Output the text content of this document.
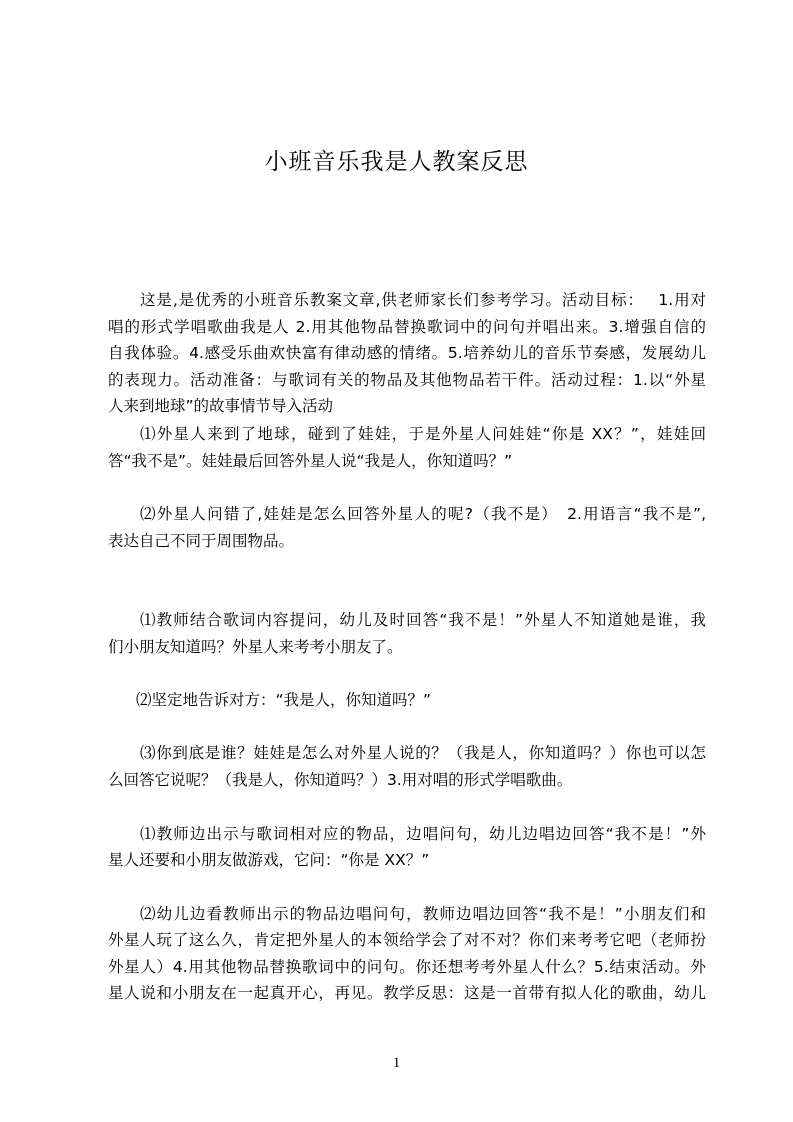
小班音乐我是人教案反思
这是,是优秀的小班音乐教案文章,供老师家长们参考学习。活动目标：　 1.用对
唱的形式学唱歌曲我是人 2.用其他物品替换歌词中的问句并唱出来。3.增强自信的
自我体验。4.感受乐曲欢快富有律动感的情绪。5.培养幼儿的音乐节奏感，发展幼儿
的表现力。活动准备：与歌词有关的物品及其他物品若干件。活动过程：1.以“外星
人来到地球”的故事情节导入活动
⑴外星人来到了地球，碰到了娃娃，于是外星人问娃娃“你是 XX？”，娃娃回
答“我不是”。娃娃最后回答外星人说“我是人，你知道吗？”
⑵外星人问错了,娃娃是怎么回答外星人的呢?（我不是）　2.用语言“我不是”,
表达自己不同于周围物品。
⑴教师结合歌词内容提问，幼儿及时回答“我不是！”外星人不知道她是谁，我
们小朋友知道吗？外星人来考考小朋友了。
⑵坚定地告诉对方：“我是人，你知道吗？”
⑶你到底是谁？娃娃是怎么对外星人说的？（我是人，你知道吗？）你也可以怎
么回答它说呢？（我是人，你知道吗？）3.用对唱的形式学唱歌曲。
⑴教师边出示与歌词相对应的物品，边唱问句，幼儿边唱边回答“我不是！”外
星人还要和小朋友做游戏，它问：“你是 XX？”
⑵幼儿边看教师出示的物品边唱问句，教师边唱边回答“我不是！”小朋友们和
外星人玩了这么久，肯定把外星人的本领给学会了对不对？你们来考考它吧（老师扮
外星人）4.用其他物品替换歌词中的问句。你还想考考外星人什么？5.结束活动。外
星人说和小朋友在一起真开心，再见。教学反思：这是一首带有拟人化的歌曲，幼儿
1
